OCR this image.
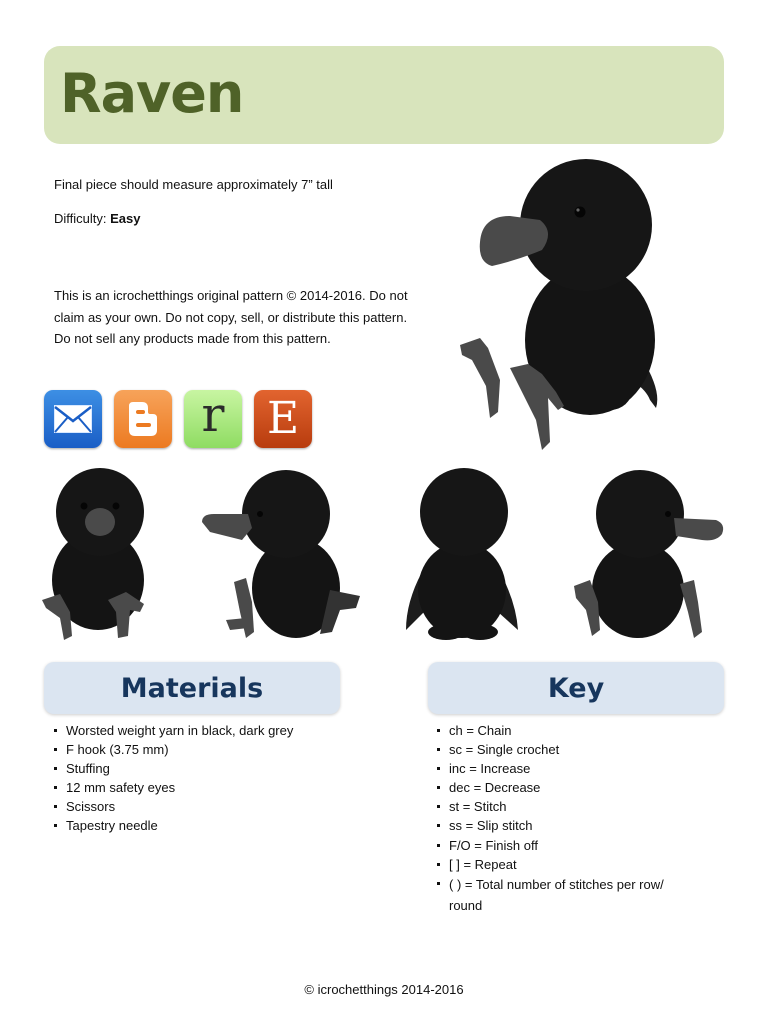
Raven
Final piece should measure approximately 7” tall
Difficulty: Easy
This is an icrochetthings original pattern © 2014-2016. Do not claim as your own. Do not copy, sell, or distribute this pattern. Do not sell any products made from this pattern.
r E
Materials
Worsted weight yarn in black, dark grey
F hook (3.75 mm)
Stuffing
12 mm safety eyes
Scissors
Tapestry needle
Key
ch = Chain
sc = Single crochet
inc = Increase
dec = Decrease
st = Stitch
ss = Slip stitch
F/O = Finish off
[ ] = Repeat
( ) = Total number of stitches per row/ round
© icrochetthings 2014-2016
